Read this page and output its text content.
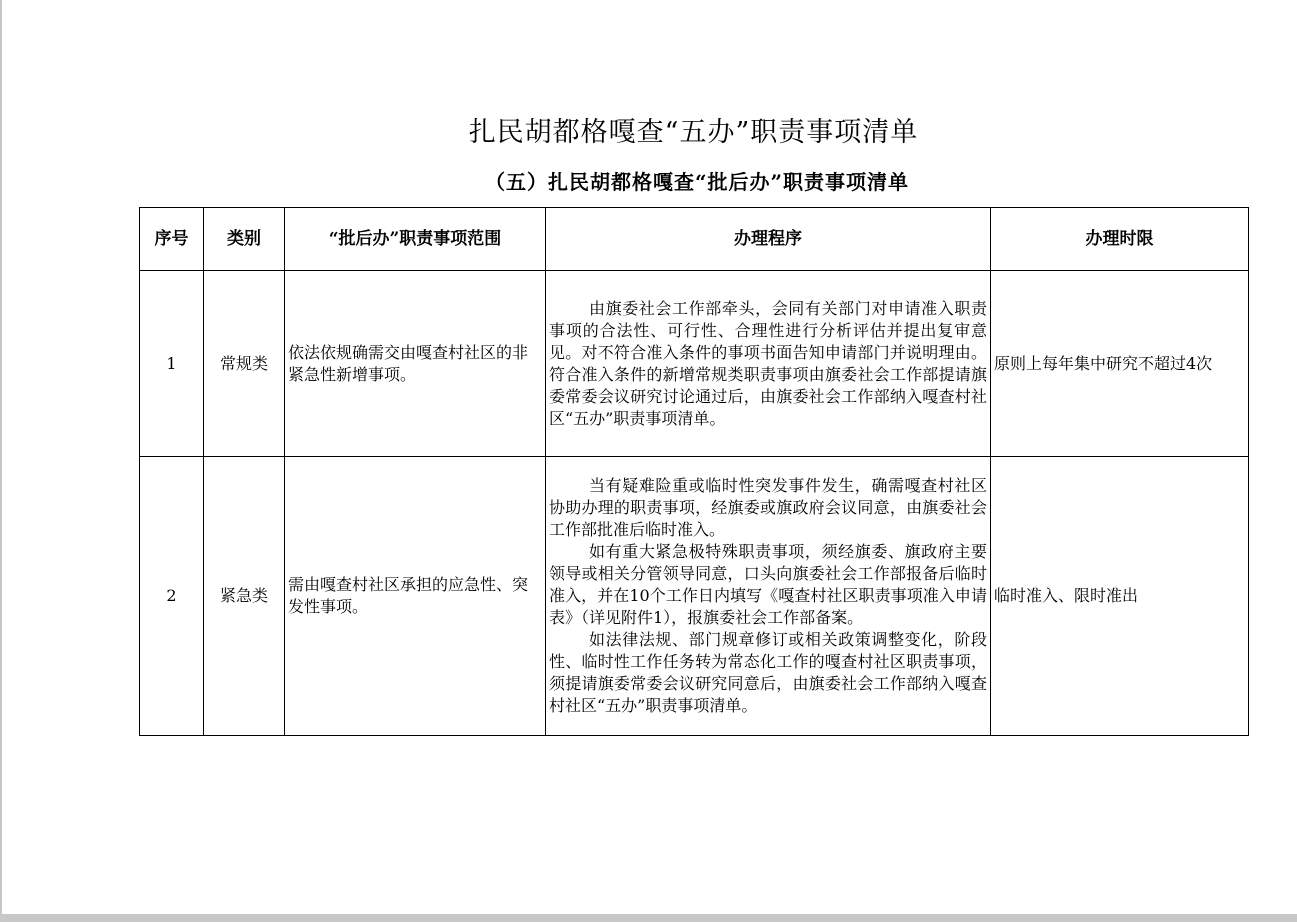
扎民胡都格嘎查“五办”职责事项清单
（五）扎民胡都格嘎查“批后办”职责事项清单
序号	类别	“批后办”职责事项范围	办理程序	办理时限
1	常规类	依法依规确需交由嘎查村社区的非紧急性新增事项。	由旗委社会工作部牵头，会同有关部门对申请准入职责事项的合法性、可行性、合理性进行分析评估并提出复审意见。对不符合准入条件的事项书面告知申请部门并说明理由。符合准入条件的新增常规类职责事项由旗委社会工作部提请旗委常委会议研究讨论通过后，由旗委社会工作部纳入嘎查村社区“五办”职责事项清单。	原则上每年集中研究不超过4次
2	紧急类	需由嘎查村社区承担的应急性、突发性事项。	当有疑难险重或临时性突发事件发生，确需嘎查村社区协助办理的职责事项，经旗委或旗政府会议同意，由旗委社会工作部批准后临时准入。

如有重大紧急极特殊职责事项，须经旗委、旗政府主要领导或相关分管领导同意，口头向旗委社会工作部报备后临时准入，并在10个工作日内填写《嘎查村社区职责事项准入申请表》（详见附件1），报旗委社会工作部备案。

如法律法规、部门规章修订或相关政策调整变化，阶段性、临时性工作任务转为常态化工作的嘎查村社区职责事项，须提请旗委常委会议研究同意后，由旗委社会工作部纳入嘎查村社区“五办”职责事项清单。	临时准入、限时准出
